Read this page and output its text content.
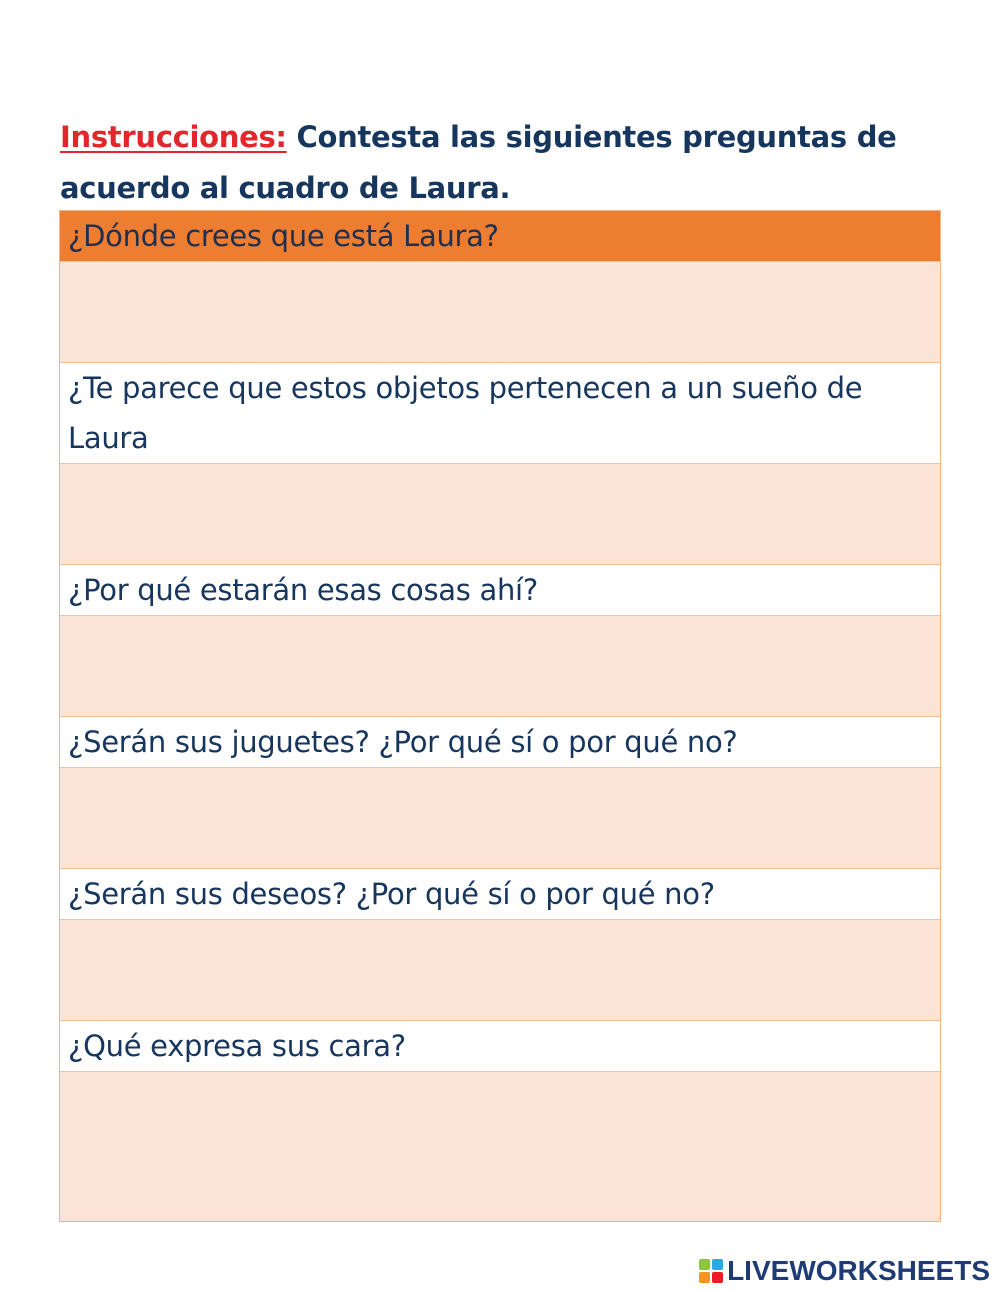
Instrucciones: Contesta las siguientes preguntas de acuerdo al cuadro de Laura.
¿Dónde crees que está Laura?
¿Te parece que estos objetos pertenecen a un sueño de Laura
¿Por qué estarán esas cosas ahí?
¿Serán sus juguetes? ¿Por qué sí o por qué no?
¿Serán sus deseos? ¿Por qué sí o por qué no?
¿Qué expresa sus cara?
LIVEWORKSHEETS
